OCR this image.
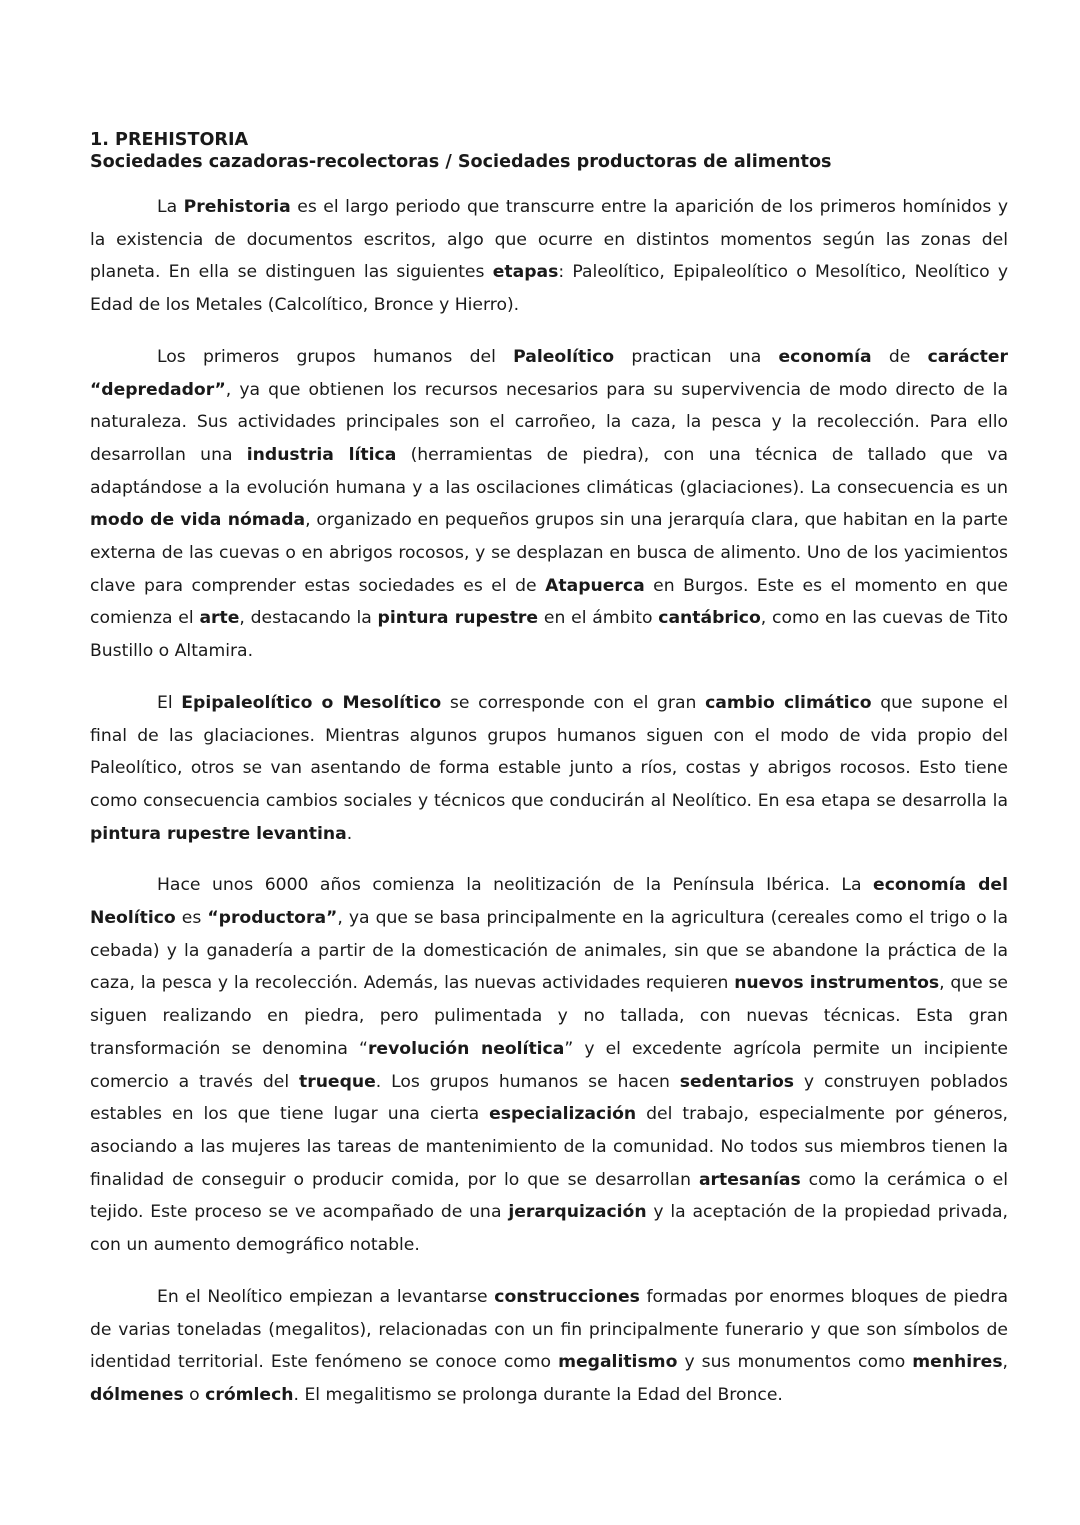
1. PREHISTORIA

Sociedades cazadoras-recolectoras / Sociedades productoras de alimentos

La Prehistoria es el largo periodo que transcurre entre la aparición de los primeros homínidos y la existencia de documentos escritos, algo que ocurre en distintos momentos según las zonas del planeta. En ella se distinguen las siguientes etapas: Paleolítico, Epipaleolítico o Mesolítico, Neolítico y Edad de los Metales (Calcolítico, Bronce y Hierro).

Los primeros grupos humanos del Paleolítico practican una economía de carácter “depredador”, ya que obtienen los recursos necesarios para su supervivencia de modo directo de la naturaleza. Sus actividades principales son el carroñeo, la caza, la pesca y la recolección. Para ello desarrollan una industria lítica (herramientas de piedra), con una técnica de tallado que va adaptándose a la evolución humana y a las oscilaciones climáticas (glaciaciones). La consecuencia es un modo de vida nómada, organizado en pequeños grupos sin una jerarquía clara, que habitan en la parte externa de las cuevas o en abrigos rocosos, y se desplazan en busca de alimento. Uno de los yacimientos clave para comprender estas sociedades es el de Atapuerca en Burgos. Este es el momento en que comienza el arte, destacando la pintura rupestre en el ámbito cantábrico, como en las cuevas de Tito Bustillo o Altamira.

El Epipaleolítico o Mesolítico se corresponde con el gran cambio climático que supone el final de las glaciaciones. Mientras algunos grupos humanos siguen con el modo de vida propio del Paleolítico, otros se van asentando de forma estable junto a ríos, costas y abrigos rocosos. Esto tiene como consecuencia cambios sociales y técnicos que conducirán al Neolítico. En esa etapa se desarrolla la pintura rupestre levantina.

Hace unos 6000 años comienza la neolitización de la Península Ibérica. La economía del Neolítico es “productora”, ya que se basa principalmente en la agricultura (cereales como el trigo o la cebada) y la ganadería a partir de la domesticación de animales, sin que se abandone la práctica de la caza, la pesca y la recolección. Además, las nuevas actividades requieren nuevos instrumentos, que se siguen realizando en piedra, pero pulimentada y no tallada, con nuevas técnicas. Esta gran transformación se denomina “revolución neolítica” y el excedente agrícola permite un incipiente comercio a través del trueque. Los grupos humanos se hacen sedentarios y construyen poblados estables en los que tiene lugar una cierta especialización del trabajo, especialmente por géneros, asociando a las mujeres las tareas de mantenimiento de la comunidad. No todos sus miembros tienen la finalidad de conseguir o producir comida, por lo que se desarrollan artesanías como la cerámica o el tejido. Este proceso se ve acompañado de una jerarquización y la aceptación de la propiedad privada, con un aumento demográfico notable.

En el Neolítico empiezan a levantarse construcciones formadas por enormes bloques de piedra de varias toneladas (megalitos), relacionadas con un fin principalmente funerario y que son símbolos de identidad territorial. Este fenómeno se conoce como megalitismo y sus monumentos como menhires, dólmenes o crómlech. El megalitismo se prolonga durante la Edad del Bronce.
